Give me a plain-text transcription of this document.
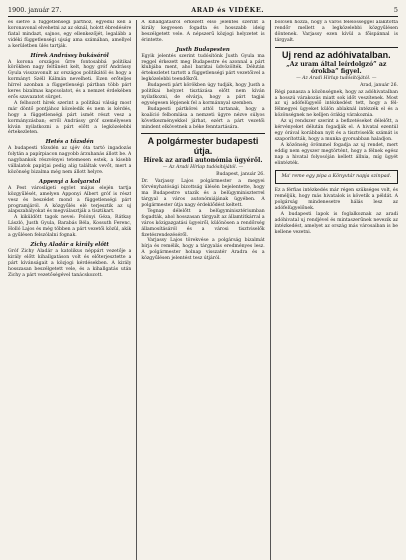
1900. január 27.	ARAD és VIDÉKE.	5

és sietve a függetlenségi párthoz, egyedül kell a koronavonal elvehetni az az oknál, holott ébredésére fiatal mindazt, sajnos, egy ellenkezőjét, legalább a vidéki függetlenségi ujság ama számában, amellyel a kerületben ülés tartják.

Hírek Andrássy bukásáról

A korona országos űrre fontosabbá politikai körökben nagy feltűnést kelt, hogy gróf Andrássy Gyula visszavonult az országos politikától és hogy a kormányt Széll Kálmán nevelheti. Ezen erőteljes hírrel azonban a függetlenségi pártban több párt keres bizalmas kapcsolatot, és a nemzet érdekében erős szavazatot sürget.

A felhozott hírek szerint a politikai válság most már döntő pontjához közeledik és nem is kérdés, hogy a függetlenségi párt ismét részt vesz a kormányzásban; erről Andrássy gróf személyesen kíván nyilatkozni a párt előtt a legközelebbi értekezleten.

Hetés a tőzsdén

A budapesti tőzsdén az ujév óta tartó ingadozás folytán a papírpiacon nagyobb árzuhanás állott be. A nagybankok részvényei tetemesen estek, a kisebb vállalatok papírjai pedig alig találtak vevőt, mert a közönség bizalma még nem állott helyre.

Appenyi a kolyarstol

A Pest városligeti egylet május elején tartja közgyűlését, amelyen Apponyi Albert gróf is részt vesz és beszédet mond a függetlenségi párt programjáról. A közgyűlés elé terjesztik az uj alapszabályokat és megválasztják a tisztikart.

A kiküldött tagok nevei: Polónyi Géza, Rátkay László, Justh Gyula, Barabás Béla, Kossuth Ferenc, Holló Lajos és még többen a párt vezetői közül, akik a gyűlésen felszólalni fognak.

Zichy Aladár a király előtt

Gróf Zichy Aladár a katolikus néppárt vezetője a király előtt kihallgatáson volt és előterjesztette a párt kívánságait a közjogi kérdésekben. A király hosszasan beszélgetett vele, és a kihallgatás után Zichy a párt vezetőségével tanácskozott.

A kihallgatásról érkezett első jelentés szerint a király kegyesen fogadta és hosszabb ideig beszélgetett vele. A népszerű közjogi helyzetet is érintette.

Justh Budapesten

Egyik jelentés szerint tudósítónk Justh Gyula ma reggel érkezett meg Budapestre és azonnal a párt klubjába ment, ahol barátai üdvözölték. Délután értekezletet tartott a függetlenségi párt vezetőivel a legközelebbi teendőkről.

Budapesti párt körökben úgy tudják, hogy Justh a politikai helyzet tisztázása előtt nem kíván nyilatkozni, de elvárja, hogy a párt tagjai egységesen lépjenek fel a kormánnyal szemben.

Budapesti pártkörei attól tartanak, hogy a koalíció felbomlása a nemzeti ügyre nézve súlyos következményekkel járhat, ezért a párt vezetői mindent elkövetnek a béke fenntartására.

A polgármester budapesti útja.
Hírek az aradi autonómia ügyéről.
— Az Aradi Hírlap tudósítójától. —
Budapest, január 26.

Dr. Varjassy Lajos polgármester a megyei törvényhatósági bizottság ülésén bejelentette, hogy ma Budapestre utazik és a belügyminiszterrel tárgyal a város autonómiájának ügyében. A polgármester útja nagy érdeklődést keltett.

Tegnap délelőtt a belügyminisztériumban fogadták, ahol hosszasan tárgyalt az államtitkárral a város közigazgatási ügyeiről, különösen a rendőrség államosításáról és a városi tisztviselők fizetésrendezéséről.

Varjassy Lajos törekvése a polgárság bizalmát bírja és remélik, hogy a tárgyalás eredményes lesz. A polgármester holnap visszatér Aradra és a közgyűlésen jelentést tesz útjáról.

bölcsen hozzá, hogy a város felelősséggel alakította rendőr mellett a legközelebbi közgyűlésen döntenek. Varjassy ezen kívül a főispánnal is tárgyalt.

Uj rend az adóhivatalban.
„Az uram által leírdolgzó” az órokba” figyel.
— Az Aradi Hírlap tudósítójától. —
Arad, január 26.

Régi panasza a közönségnek, hogy az adóhivatalban a hosszú várakozás miatt sok időt veszítenek. Most az uj adófelügyelő intézkedést tett, hogy a fél-félmegyei ügyeket külön ablaknál intézzék el és a közönségnek ne kelljen órákig várakoznia.

Az uj rendszer szerint a befizetéseket délelőtt, a kérvényeket délután fogadják el. A hivatal ezentúl egy órával korábban nyit és a tisztviselők számát is szaporították, hogy a munka gyorsabban haladjon.

A közönség örömmel fogadja az uj rendet, mert eddig nem egyszer megtörtént, hogy a félnek egész nap a hivatal folyosóján kellett állnia, míg ügyét elintézték.

Ma' reme egy pipa a Könyvtár napja szinpad.

Ez a férfias intézkedés már régen szükséges volt, és reméljük, hogy más hivatalok is követik a példát. A polgárság mindenesetre hálás lesz az adófelügyelőnek.

A budapesti lapok is foglalkoznak az aradi adóhivatal uj rendjével és mintaszerűnek nevezik az intézkedést, amelyet az ország más városaiban is be kellene vezetni.
